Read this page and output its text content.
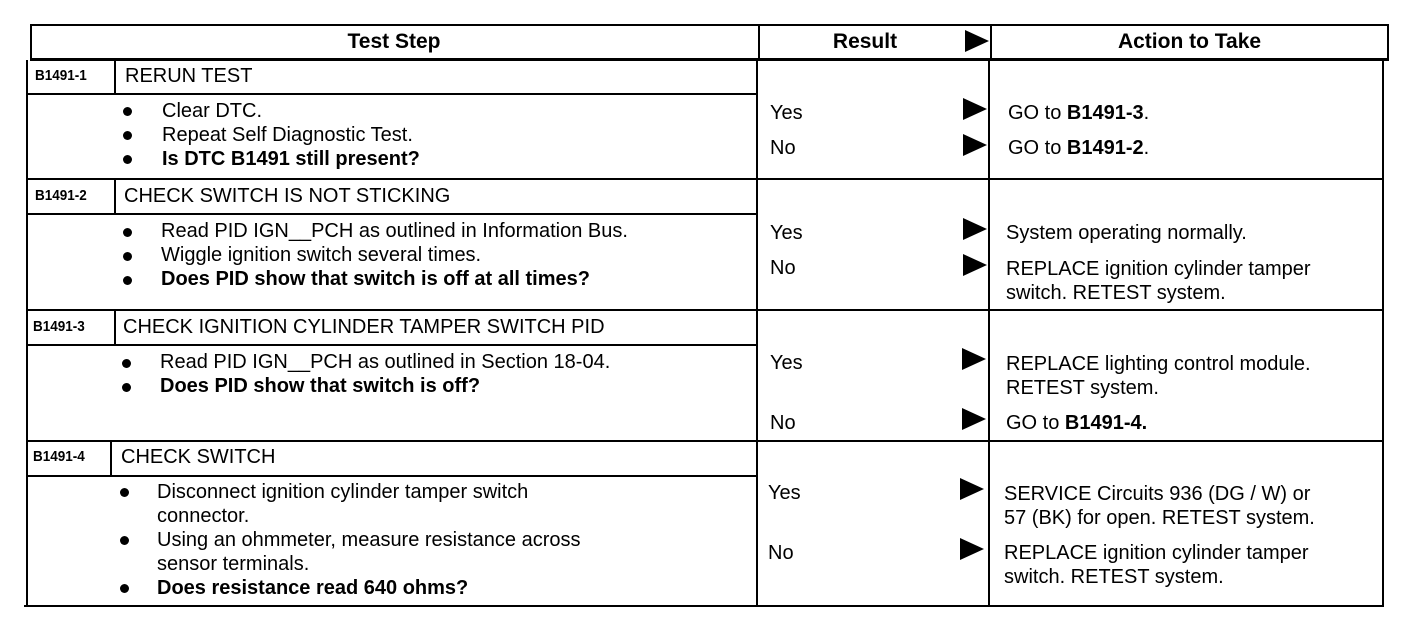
Test Step	Result	Action to Take
B1491-1 RERUN TEST
Clear DTC.
Repeat Self Diagnostic Test.
Is DTC B1491 still present?
Yes	GO to B1491-3.
No	GO to B1491-2.
B1491-2 CHECK SWITCH IS NOT STICKING
Read PID IGN__PCH as outlined in Information Bus.
Wiggle ignition switch several times.
Does PID show that switch is off at all times?
Yes	System operating normally.
No	REPLACE ignition cylinder tamper
switch. RETEST system.
B1491-3 CHECK IGNITION CYLINDER TAMPER SWITCH PID
Read PID IGN__PCH as outlined in Section 18-04.
Does PID show that switch is off?
Yes	REPLACE lighting control module.
RETEST system.
No	GO to B1491-4.
B1491-4 CHECK SWITCH
Disconnect ignition cylinder tamper switch
connector.
Using an ohmmeter, measure resistance across
sensor terminals.
Does resistance read 640 ohms?
Yes	SERVICE Circuits 936 (DG / W) or
57 (BK) for open. RETEST system.
No	REPLACE ignition cylinder tamper
switch. RETEST system.
